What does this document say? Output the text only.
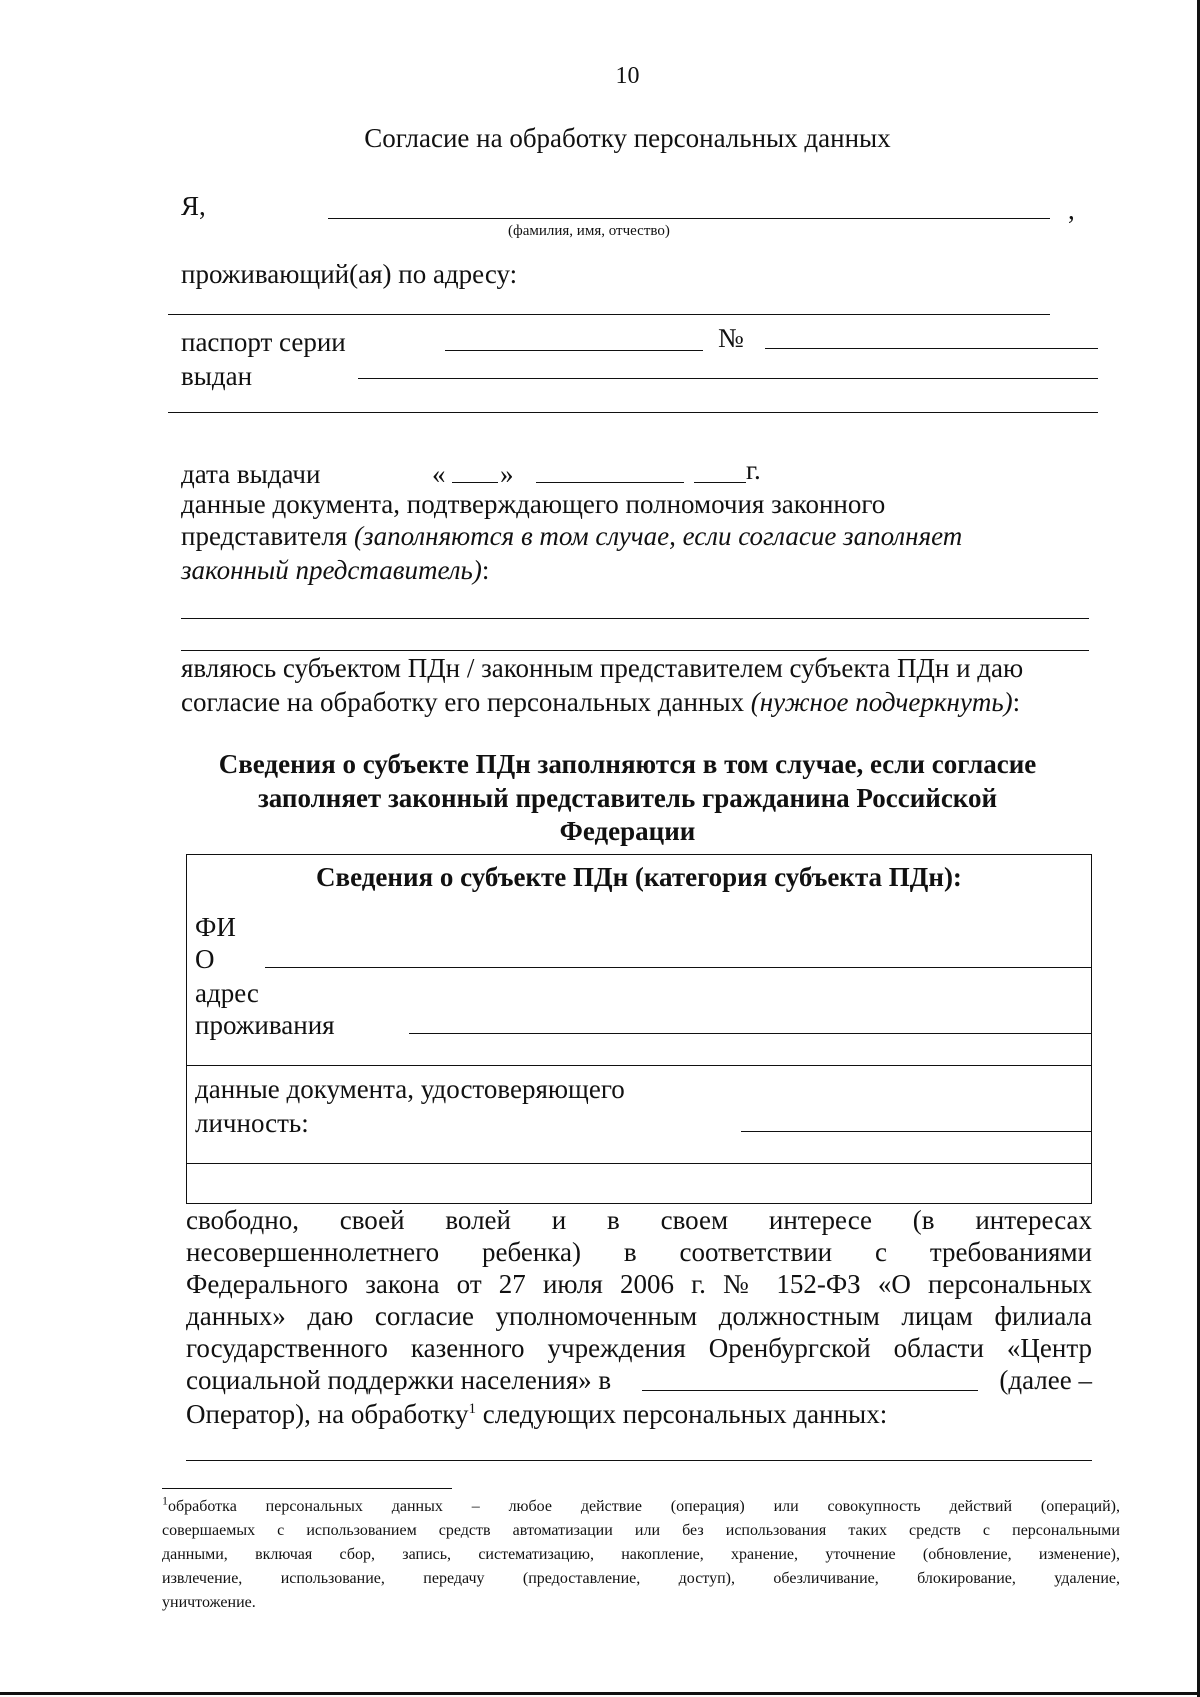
10
Согласие на обработку персональных данных
Я,	,
(фамилия, имя, отчество)
проживающий(ая) по адресу:
паспорт серии	№
выдан
дата выдачи	« »	г.
данные документа, подтверждающего полномочия законного
представителя (заполняются в том случае, если согласие заполняет
законный представитель):
являюсь субъектом ПДн / законным представителем субъекта ПДн и даю
согласие на обработку его персональных данных (нужное подчеркнуть):
Сведения о субъекте ПДн заполняются в том случае, если согласие
заполняет законный представитель гражданина Российской
Федерации
Сведения о субъекте ПДн (категория субъекта ПДн):
ФИ
О
адрес
проживания
данные документа, удостоверяющего
личность:
свободно, своей волей и в своем интересе (в интересах
несовершеннолетнего ребенка) в соответствии с требованиями
Федерального закона от 27 июля 2006 г. № 152-ФЗ «О персональных
данных» даю согласие уполномоченным должностным лицам филиала
государственного казенного учреждения Оренбургской области «Центр
социальной поддержки населения» в	(далее –
Оператор), на обработку$^1$ следующих персональных данных:
$^1$обработка персональных данных – любое действие (операция) или совокупность действий (операций),
совершаемых с использованием средств автоматизации или без использования таких средств с персональными
данными, включая сбор, запись, систематизацию, накопление, хранение, уточнение (обновление, изменение),
извлечение, использование, передачу (предоставление, доступ), обезличивание, блокирование, удаление,
уничтожение.
